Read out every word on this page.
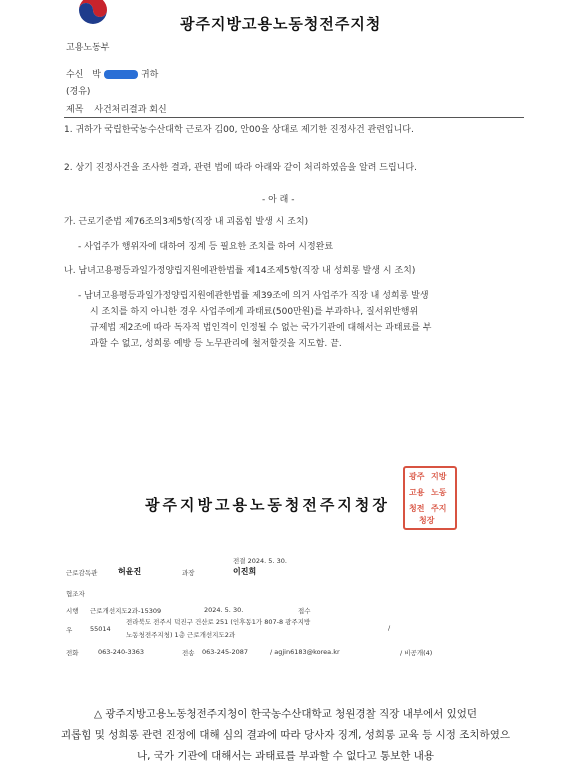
고용노동부
광주지방고용노동청전주지청
수신 박	귀하
(경유)
제목 사건처리결과 회신
1. 귀하가 국립한국농수산대학 근로자 김00, 안00을 상대로 제기한 진정사건 관련입니다.
2. 상기 진정사건을 조사한 결과, 관련 법에 따라 아래와 같이 처리하였음을 알려 드립니다.
- 아 래 -
가. 근로기준법 제76조의3제5항(직장 내 괴롭힘 발생 시 조치)
- 사업주가 행위자에 대하여 징계 등 필요한 조치를 하여 시정완료
나. 남녀고용평등과일가정양립지원에관한법률 제14조제5항(직장 내 성희롱 발생 시 조치)
- 남녀고용평등과일가정양립지원에관한법률 제39조에 의거 사업주가 직장 내 성희롱 발생
시 조치를 하지 아니한 경우 사업주에게 과태료(500만원)를 부과하나, 질서위반행위
규제법 제2조에 따라 독자적 법인격이 인정될 수 없는 국가기관에 대해서는 과태료를 부
과할 수 없고, 성희롱 예방 등 노무관리에 철저할것을 지도함. 끝.
광주지방고용노동청전주지청장
광주 지방
고용 노동
청전 주지
청장
전결 2024. 5. 30.
근로감독관	허윤진	과장	이진희
협조자
시행 근로개선지도2과-15309	2024. 5. 30.	접수
우	55014
전라북도 전주시 덕진구 건산로 251 (인후동1가 807-8 광주지방
노동청전주지청) 1층 근로개선지도2과
/
전화	063-240-3363	전송 063-245-2087	/ agjin6183@korea.kr	/ 비공개(4)
△ 광주지방고용노동청전주지청이 한국농수산대학교 청원경찰 직장 내부에서 있었던
괴롭힘 및 성희롱 관련 진정에 대해 심의 결과에 따라 당사자 징계, 성희롱 교육 등 시정 조치하였으
나, 국가 기관에 대해서는 과태료를 부과할 수 없다고 통보한 내용
